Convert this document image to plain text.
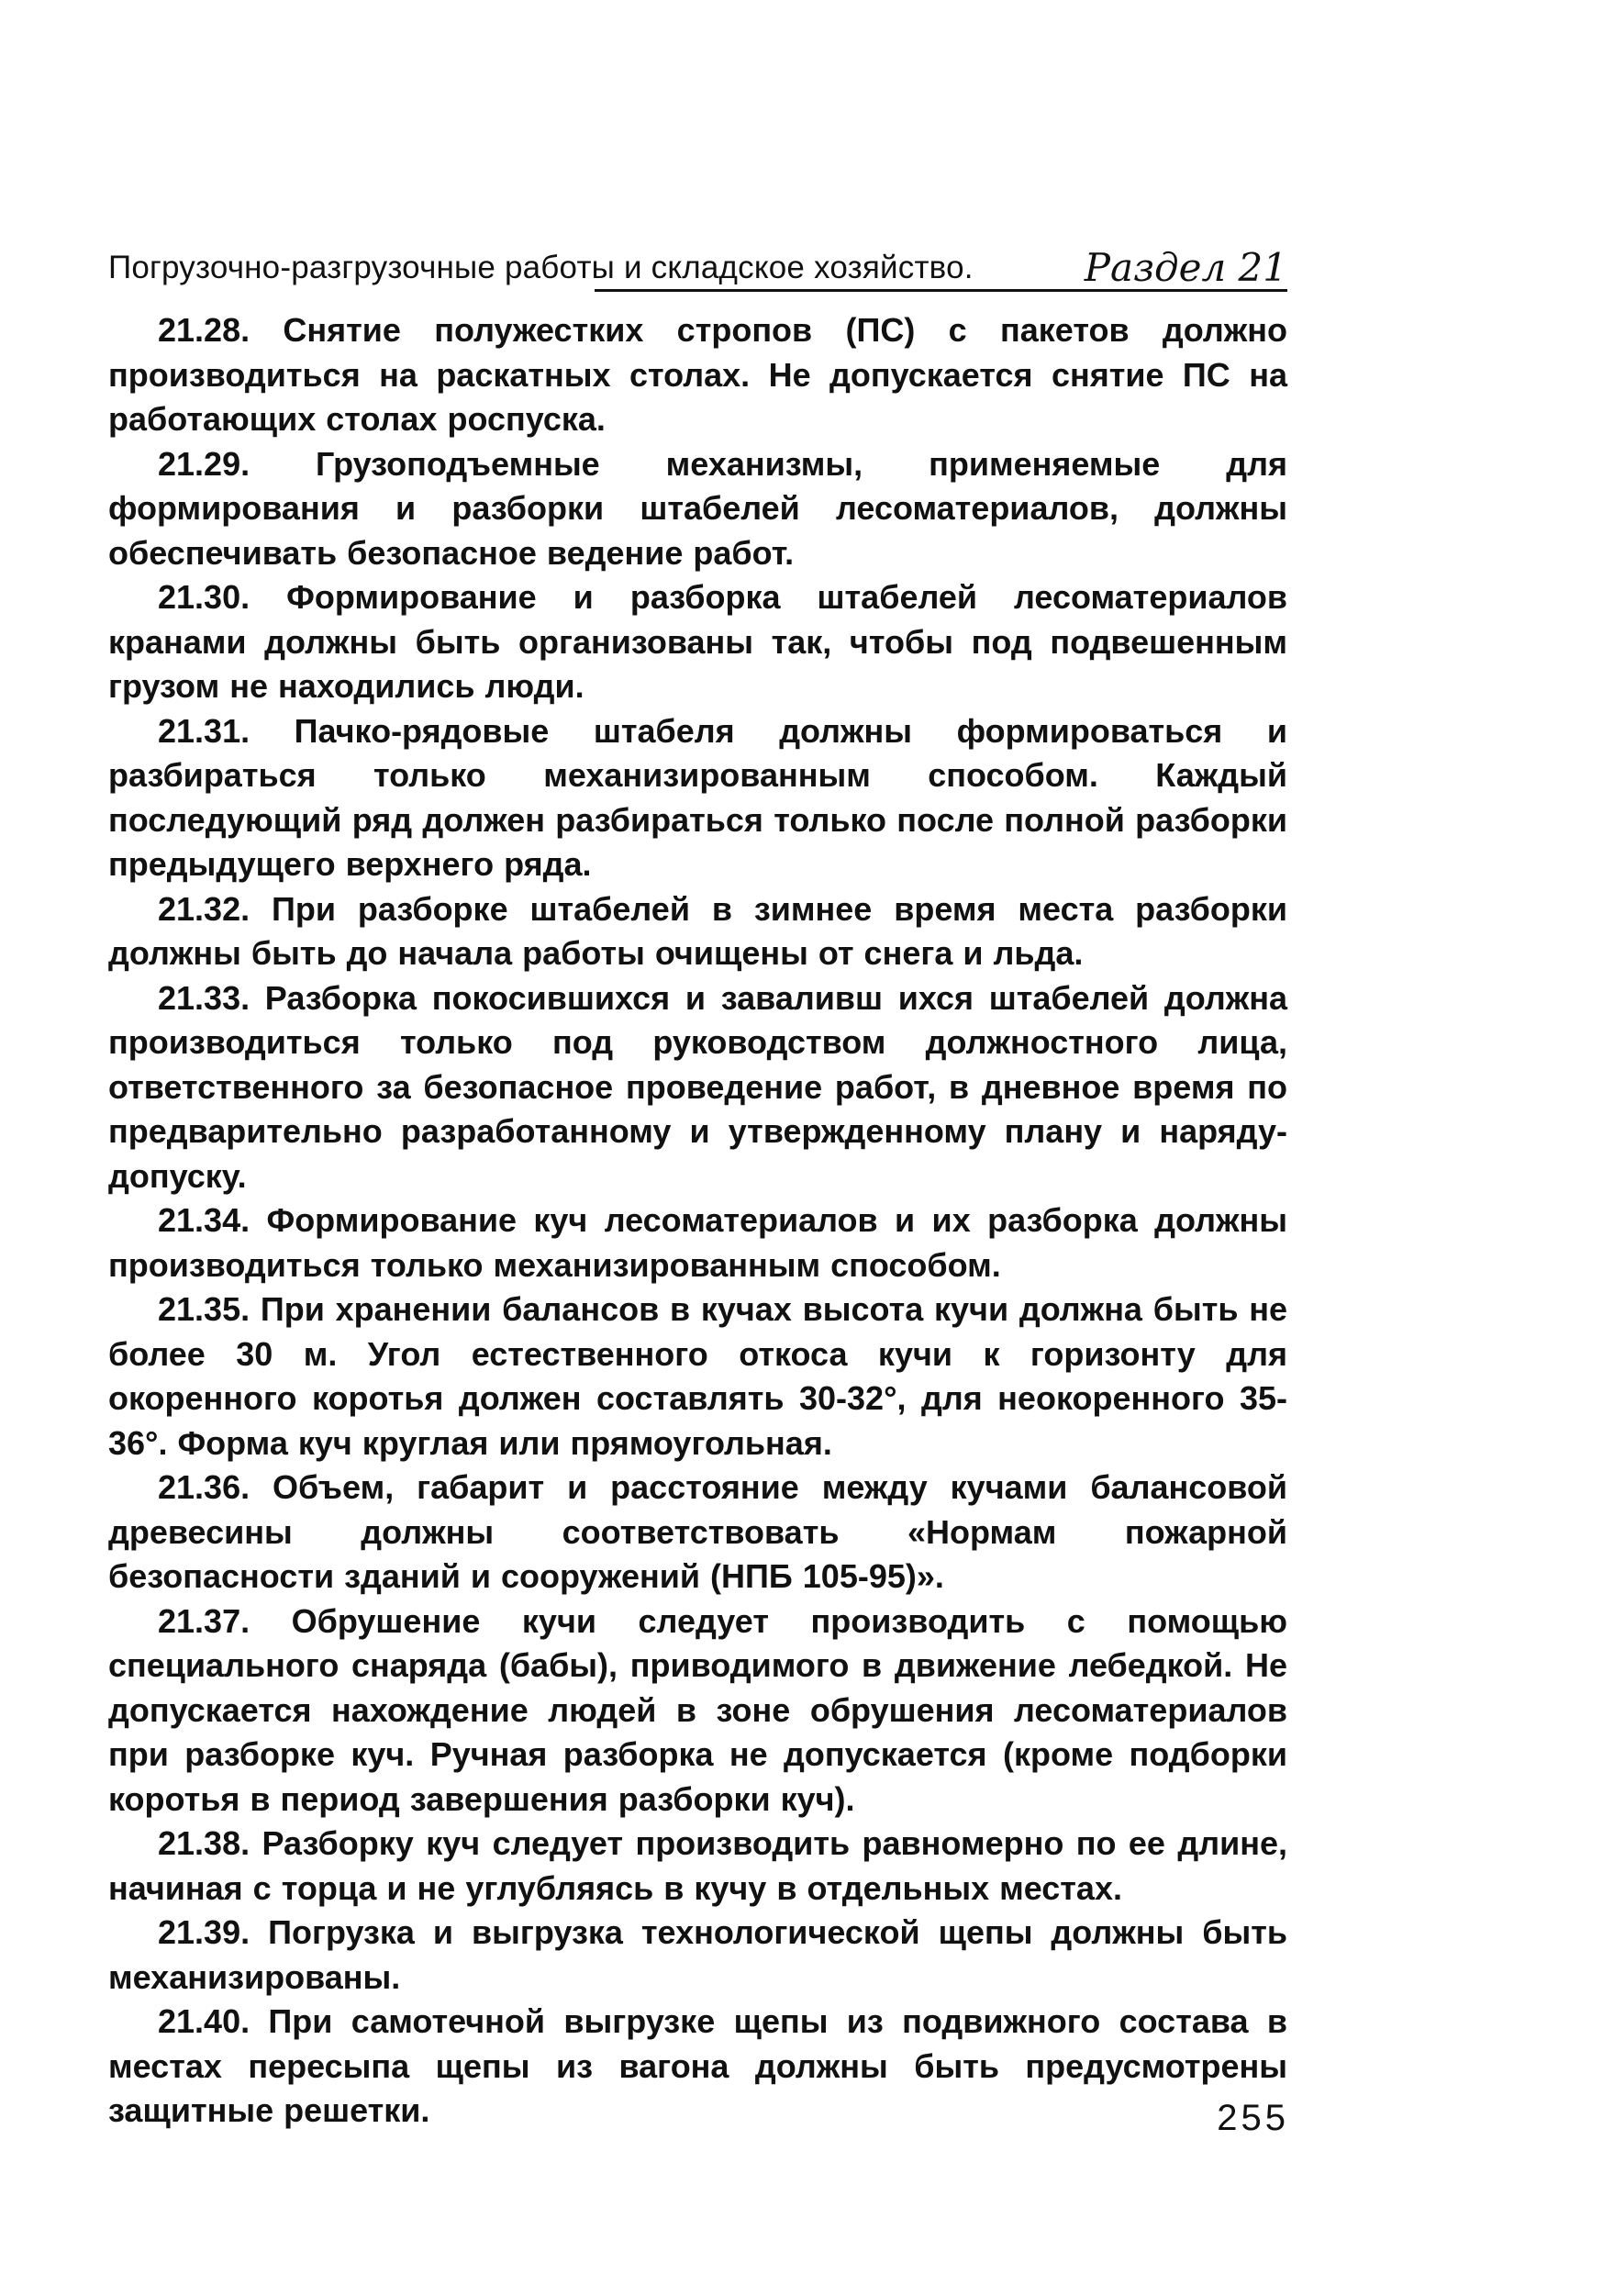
Погрузочно-разгрузочные работы и складское хозяйство.	Раздел 21

21.28. Снятие полужестких стропов (ПС) с пакетов должно производиться на раскатных столах. Не допускается снятие ПС на работающих столах роспуска.

21.29. Грузоподъемные механизмы, применяемые для формирования и разборки штабелей лесоматериалов, должны обеспечивать безопасное ведение работ.

21.30. Формирование и разборка штабелей лесоматериалов кранами должны быть организованы так, чтобы под подвешенным грузом не находились люди.

21.31. Пачко-рядовые штабеля должны формироваться и разбираться только механизированным способом. Каждый последующий ряд должен разбираться только после полной разборки предыдущего верхнего ряда.

21.32. При разборке штабелей в зимнее время места разборки должны быть до начала работы очищены от снега и льда.

21.33. Разборка покосившихся и заваливш ихся штабелей должна производиться только под руководством должностного лица, ответственного за безопасное проведение работ, в дневное время по предварительно разработанному и утвержденному плану и наряду-допуску.

21.34. Формирование куч лесоматериалов и их разборка должны производиться только механизированным способом.

21.35. При хранении балансов в кучах высота кучи должна быть не более 30 м. Угол естественного откоса кучи к горизонту для окоренного коротья должен составлять 30-32°, для неокоренного 35-36°. Форма куч круглая или прямоугольная.

21.36. Объем, габарит и расстояние между кучами балансовой древесины должны соответствовать «Нормам пожарной безопасности зданий и сооружений (НПБ 105-95)».

21.37. Обрушение кучи следует производить с помощью специального снаряда (бабы), приводимого в движение лебедкой. Не допускается нахождение людей в зоне обрушения лесоматериалов при разборке куч. Ручная разборка не допускается (кроме подборки коротья в период завершения разборки куч).

21.38. Разборку куч следует производить равномерно по ее длине, начиная с торца и не углубляясь в кучу в отдельных местах.

21.39. Погрузка и выгрузка технологической щепы должны быть механизированы.

21.40. При самотечной выгрузке щепы из подвижного состава в местах пересыпа щепы из вагона должны быть предусмотрены защитные решетки.	255
